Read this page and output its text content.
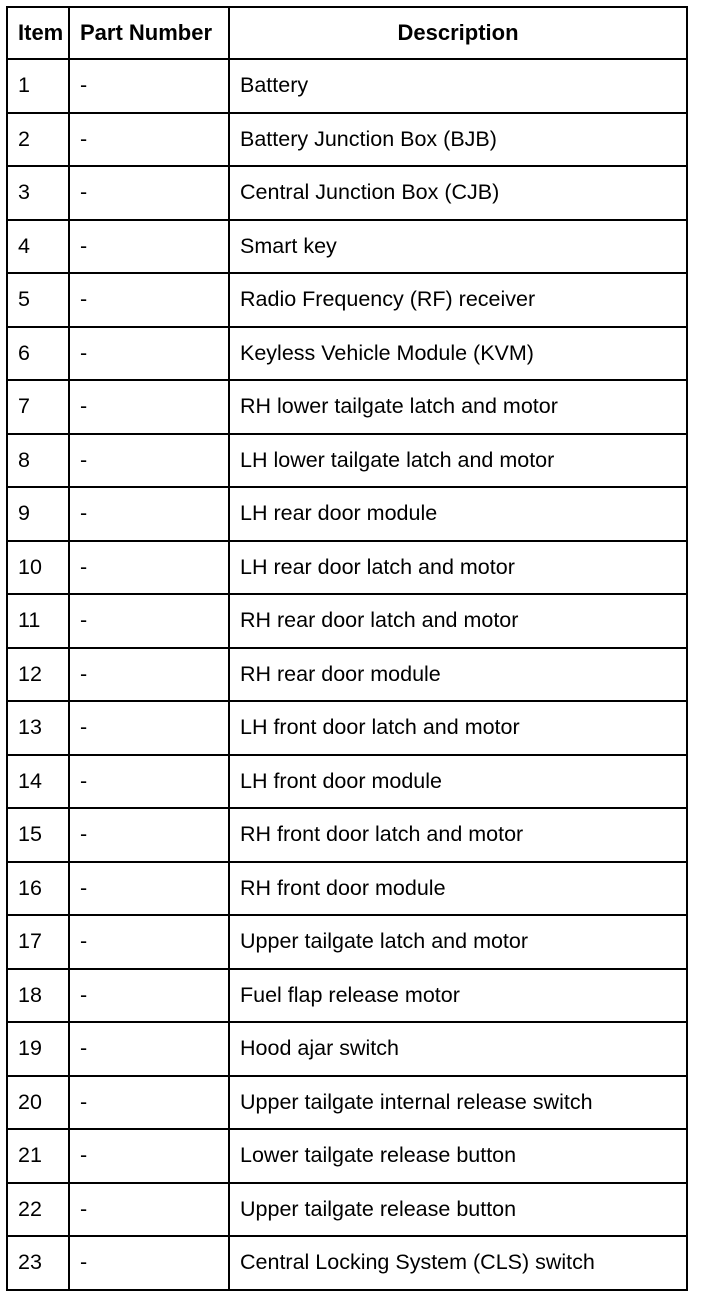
Item	Part Number	Description
1	-	Battery
2	-	Battery Junction Box (BJB)
3	-	Central Junction Box (CJB)
4	-	Smart key
5	-	Radio Frequency (RF) receiver
6	-	Keyless Vehicle Module (KVM)
7	-	RH lower tailgate latch and motor
8	-	LH lower tailgate latch and motor
9	-	LH rear door module
10	-	LH rear door latch and motor
11	-	RH rear door latch and motor
12	-	RH rear door module
13	-	LH front door latch and motor
14	-	LH front door module
15	-	RH front door latch and motor
16	-	RH front door module
17	-	Upper tailgate latch and motor
18	-	Fuel flap release motor
19	-	Hood ajar switch
20	-	Upper tailgate internal release switch
21	-	Lower tailgate release button
22	-	Upper tailgate release button
23	-	Central Locking System (CLS) switch
